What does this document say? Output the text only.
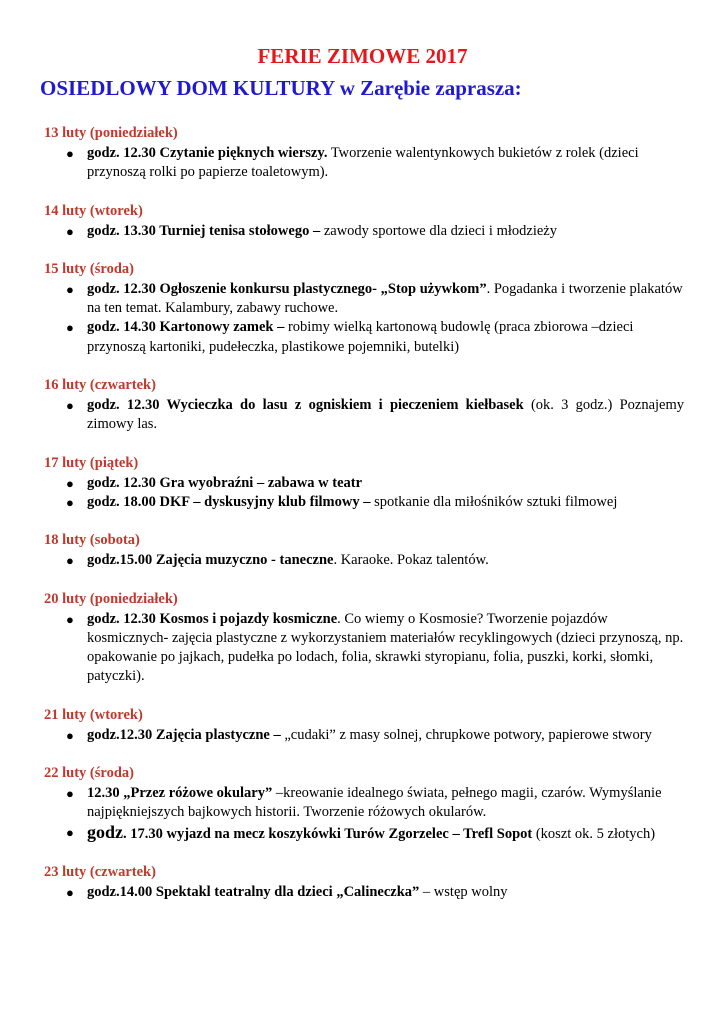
FERIE ZIMOWE 2017
OSIEDLOWY DOM KULTURY w Zarębie zaprasza:
13 luty (poniedziałek)
● godz. 12.30 Czytanie pięknych wierszy. Tworzenie walentynkowych bukietów z rolek (dzieci przynoszą rolki po papierze toaletowym).
14 luty (wtorek)
● godz. 13.30 Turniej tenisa stołowego – zawody sportowe dla dzieci i młodzieży
15 luty (środa)
● godz. 12.30 Ogłoszenie konkursu plastycznego- „Stop używkom”. Pogadanka i tworzenie plakatów na ten temat. Kalambury, zabawy ruchowe.
● godz. 14.30 Kartonowy zamek – robimy wielką kartonową budowlę (praca zbiorowa –dzieci przynoszą kartoniki, pudełeczka, plastikowe pojemniki, butelki)
16 luty (czwartek)
● godz. 12.30 Wycieczka do lasu z ogniskiem i pieczeniem kiełbasek (ok. 3 godz.) Poznajemy zimowy las.
17 luty (piątek)
● godz. 12.30 Gra wyobraźni – zabawa w teatr
● godz. 18.00 DKF – dyskusyjny klub filmowy – spotkanie dla miłośników sztuki filmowej
18 luty (sobota)
● godz.15.00 Zajęcia muzyczno - taneczne. Karaoke. Pokaz talentów.
20 luty (poniedziałek)
● godz. 12.30 Kosmos i pojazdy kosmiczne. Co wiemy o Kosmosie? Tworzenie pojazdów kosmicznych- zajęcia plastyczne z wykorzystaniem materiałów recyklingowych (dzieci przynoszą, np. opakowanie po jajkach, pudełka po lodach, folia, skrawki styropianu, folia, puszki, korki, słomki, patyczki).
21 luty (wtorek)
● godz.12.30 Zajęcia plastyczne – „cudaki” z masy solnej, chrupkowe potwory, papierowe stwory
22 luty (środa)
● 12.30 „Przez różowe okulary” –kreowanie idealnego świata, pełnego magii, czarów. Wymyślanie najpiękniejszych bajkowych historii. Tworzenie różowych okularów.
● godz. 17.30 wyjazd na mecz koszykówki Turów Zgorzelec – Trefl Sopot (koszt ok. 5 złotych)
23 luty (czwartek)
● godz.14.00 Spektakl teatralny dla dzieci „Calineczka” – wstęp wolny
